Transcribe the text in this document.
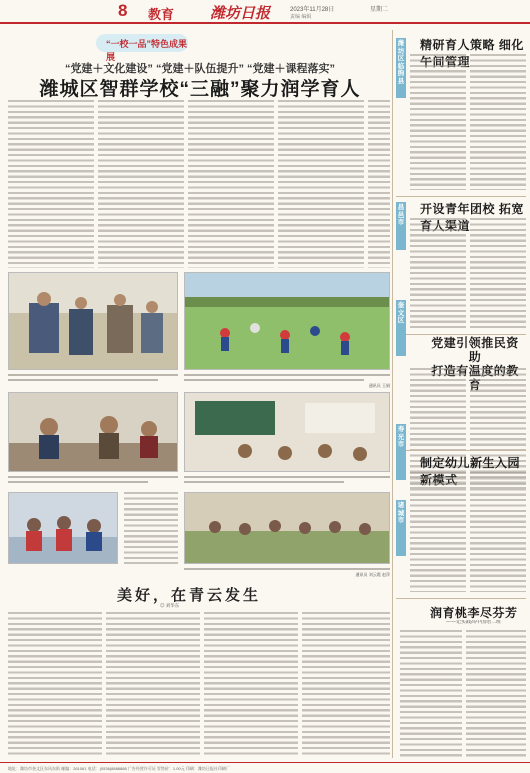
8 教育 潍坊日报	2023年11月28日	星期二
责编 编辑
“一校一品”特色成果展
“党建＋文化建设” “党建＋队伍提升” “党建＋课程落实”
潍城区智群学校“三融”聚力润学育人
通讯员 王娟
通讯员 刘云霞 赵萍
美好，在青云发生
◎ 刘华东
潍坊区临朐县
精研育人策略 细化午间管理
昌邑市
开设青年团校 拓宽育人渠道
奎文区
党建引领推民资助
打造有温度的教育
寿光市
制定幼儿新生入园新模式
诸城市
润育桃李尽芬芳
——记实践高中国语二班
地址：潍坊市奎文区东风东街 邮编：261061 电话：(0536)8888888 广告经营许可证 零售价：1.00元 印刷：潍坊日报社印刷厂
